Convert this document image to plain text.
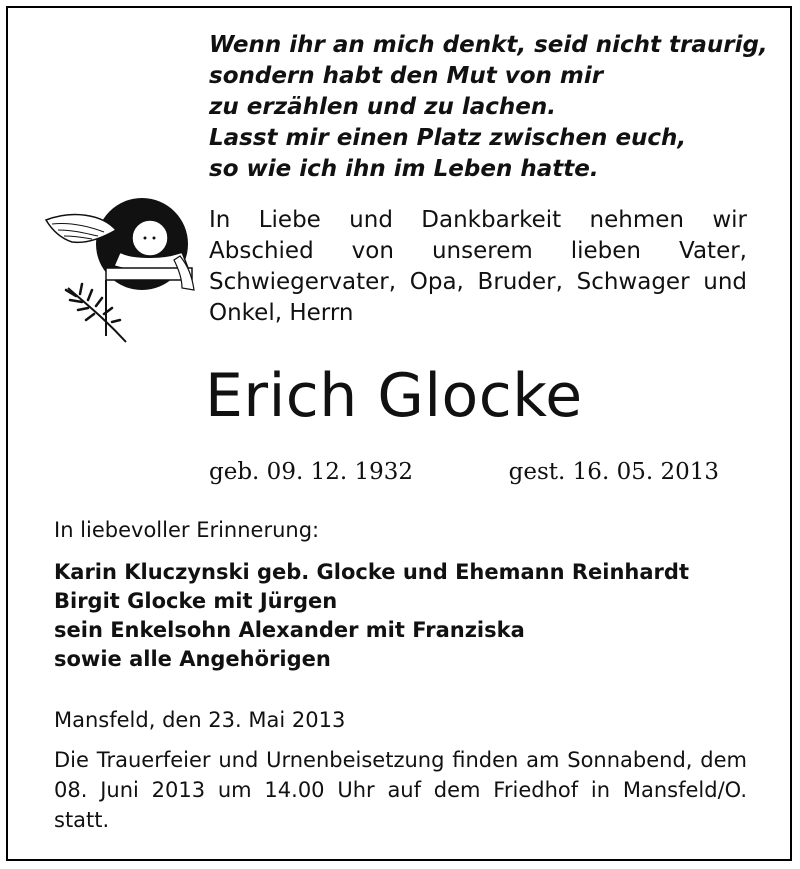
Wenn ihr an mich denkt, seid nicht traurig,
sondern habt den Mut von mir
zu erzählen und zu lachen.
Lasst mir einen Platz zwischen euch,
so wie ich ihn im Leben hatte.
In Liebe und Dankbarkeit nehmen wir Abschied von unserem lieben Vater, Schwiegervater, Opa, Bruder, Schwager und Onkel, Herrn
Erich Glocke
geb. 09. 12. 1932	gest. 16. 05. 2013
In liebevoller Erinnerung:
Karin Kluczynski geb. Glocke und Ehemann Reinhardt
Birgit Glocke mit Jürgen
sein Enkelsohn Alexander mit Franziska
sowie alle Angehörigen
Mansfeld, den 23. Mai 2013
Die Trauerfeier und Urnenbeisetzung finden am Sonnabend, dem 08. Juni 2013 um 14.00 Uhr auf dem Friedhof in Mansfeld/O. statt.
